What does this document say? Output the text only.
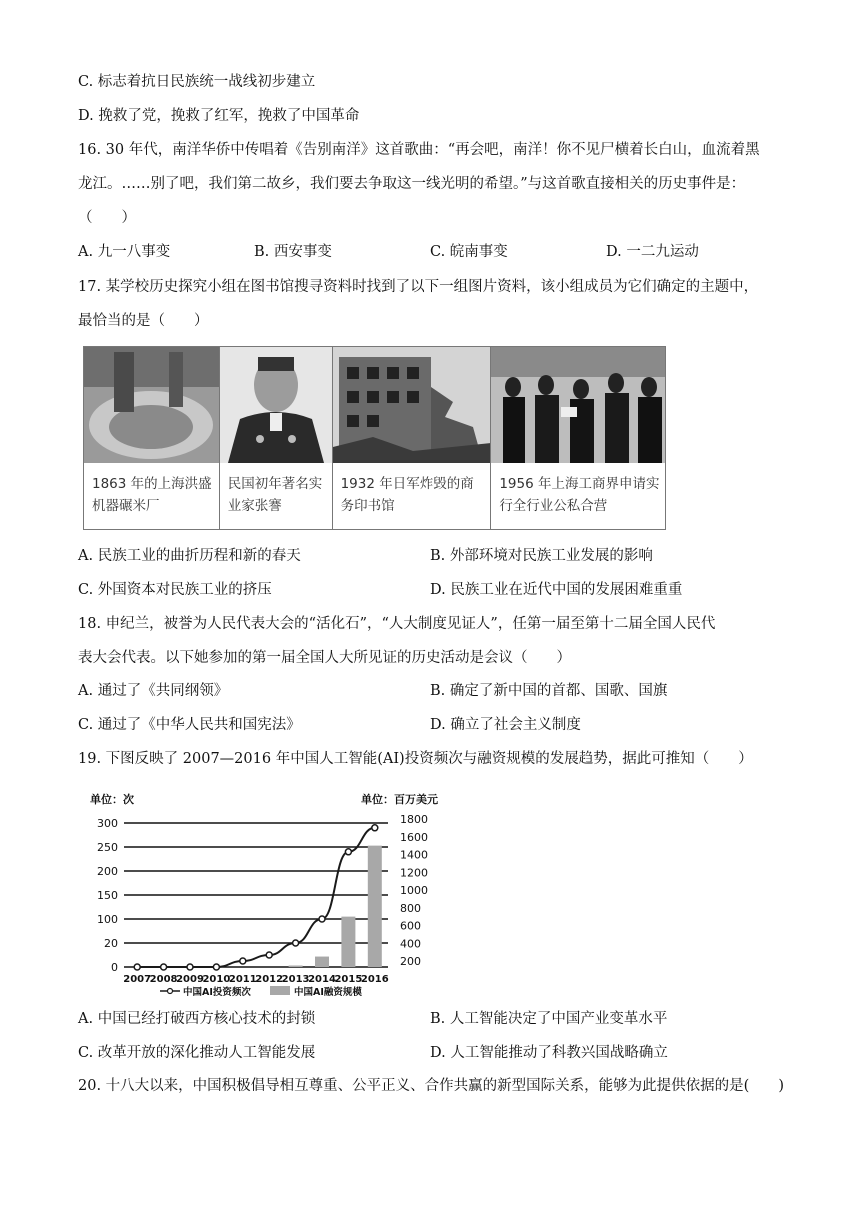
C. 标志着抗日民族统一战线初步建立
D. 挽救了党，挽救了红军，挽救了中国革命
16. 30 年代，南洋华侨中传唱着《告别南洋》这首歌曲：“再会吧，南洋！你不见尸横着长白山，血流着黑
龙江。……别了吧，我们第二故乡，我们要去争取这一线光明的希望。”与这首歌直接相关的历史事件是：
（　　）
A. 九一八事变	B. 西安事变	C. 皖南事变	D. 一二九运动
17. 某学校历史探究小组在图书馆搜寻资料时找到了以下一组图片资料，该小组成员为它们确定的主题中，
最恰当的是（　　）
1863 年的上海洪盛机器碾米厂
民国初年著名实业家张謇
1932 年日军炸毁的商务印书馆
1956 年上海工商界申请实行全行业公私合营
A. 民族工业的曲折历程和新的春天	B. 外部环境对民族工业发展的影响
C. 外国资本对民族工业的挤压	D. 民族工业在近代中国的发展困难重重
18. 申纪兰，被誉为人民代表大会的“活化石”，“人大制度见证人”，任第一届至第十二届全国人民代
表大会代表。以下她参加的第一届全国人大所见证的历史活动是会议（　　）
A. 通过了《共同纲领》	B. 确定了新中国的首都、国歌、国旗
C. 通过了《中华人民共和国宪法》	D. 确立了社会主义制度
19. 下图反映了 2007—2016 年中国人工智能(AI)投资频次与融资规模的发展趋势，据此可推知（　　）
0
20
100
150
200
250
300
200
400
600
800
1000
1200
1400
1600
1800
2007
2008
2009
2010
2011
2012
2013
2014
2015
2016
单位：次	单位：百万美元
中国AI投资频次	中国AI融资规模
A. 中国已经打破西方核心技术的封锁	B. 人工智能决定了中国产业变革水平
C. 改革开放的深化推动人工智能发展	D. 人工智能推动了科教兴国战略确立
20. 十八大以来，中国积极倡导相互尊重、公平正义、合作共赢的新型国际关系，能够为此提供依据的是(　　)
